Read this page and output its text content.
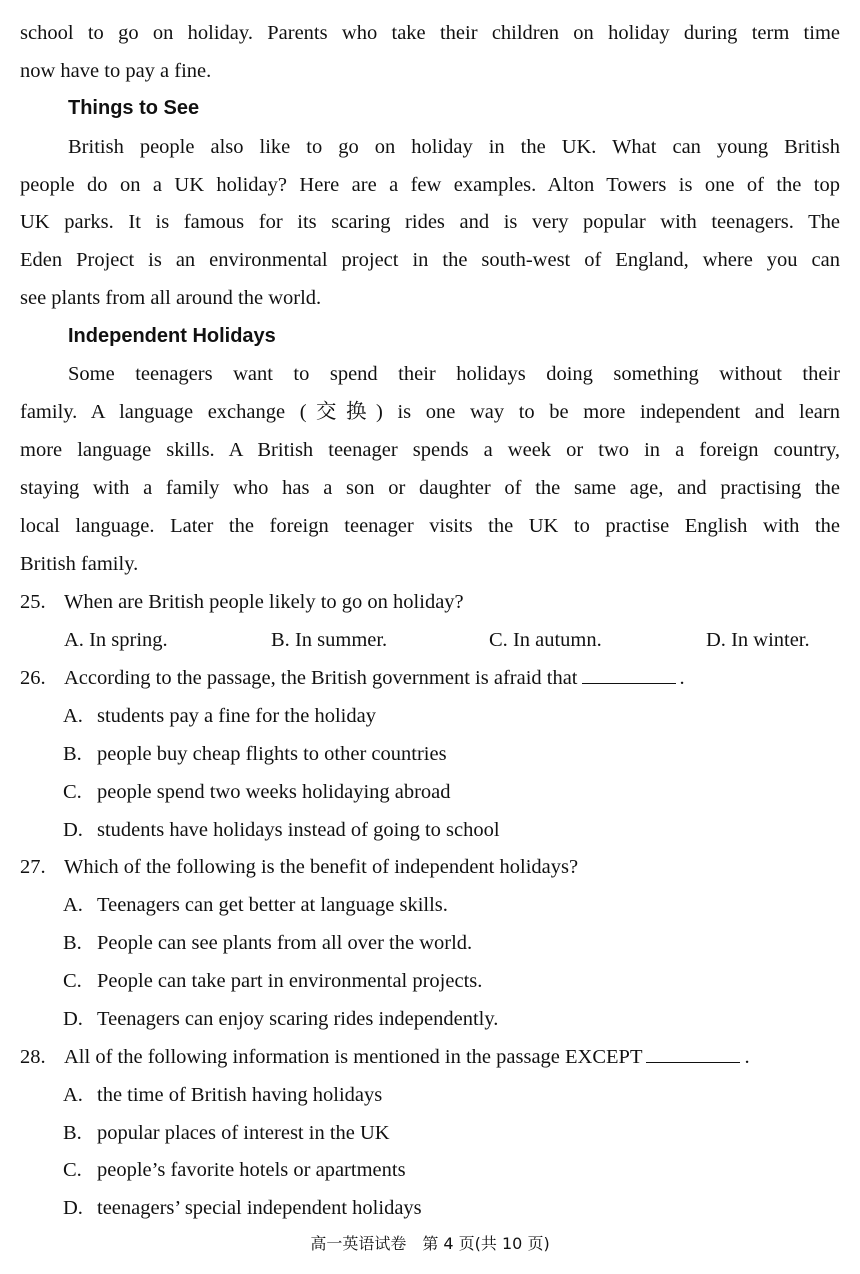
school to go on holiday. Parents who take their children on holiday during term time
now have to pay a fine.
Things to See
British people also like to go on holiday in the UK. What can young British
people do on a UK holiday? Here are a few examples. Alton Towers is one of the top
UK parks. It is famous for its scaring rides and is very popular with teenagers. The
Eden Project is an environmental project in the south-west of England, where you can
see plants from all around the world.
Independent Holidays
Some teenagers want to spend their holidays doing something without their
family. A language exchange (交换) is one way to be more independent and learn
more language skills. A British teenager spends a week or two in a foreign country,
staying with a family who has a son or daughter of the same age, and practising the
local language. Later the foreign teenager visits the UK to practise English with the
British family.
25. When are British people likely to go on holiday?
A. In spring.	B. In summer.	C. In autumn.	D. In winter.
26. According to the passage, the British government is afraid that	.
A. students pay a fine for the holiday
B. people buy cheap flights to other countries
C. people spend two weeks holidaying abroad
D. students have holidays instead of going to school
27. Which of the following is the benefit of independent holidays?
A. Teenagers can get better at language skills.
B. People can see plants from all over the world.
C. People can take part in environmental projects.
D. Teenagers can enjoy scaring rides independently.
28. All of the following information is mentioned in the passage EXCEPT	.
A. the time of British having holidays
B. popular places of interest in the UK
C. people’s favorite hotels or apartments
D. teenagers’ special independent holidays
高一英语试卷　第 4 页(共 10 页)
